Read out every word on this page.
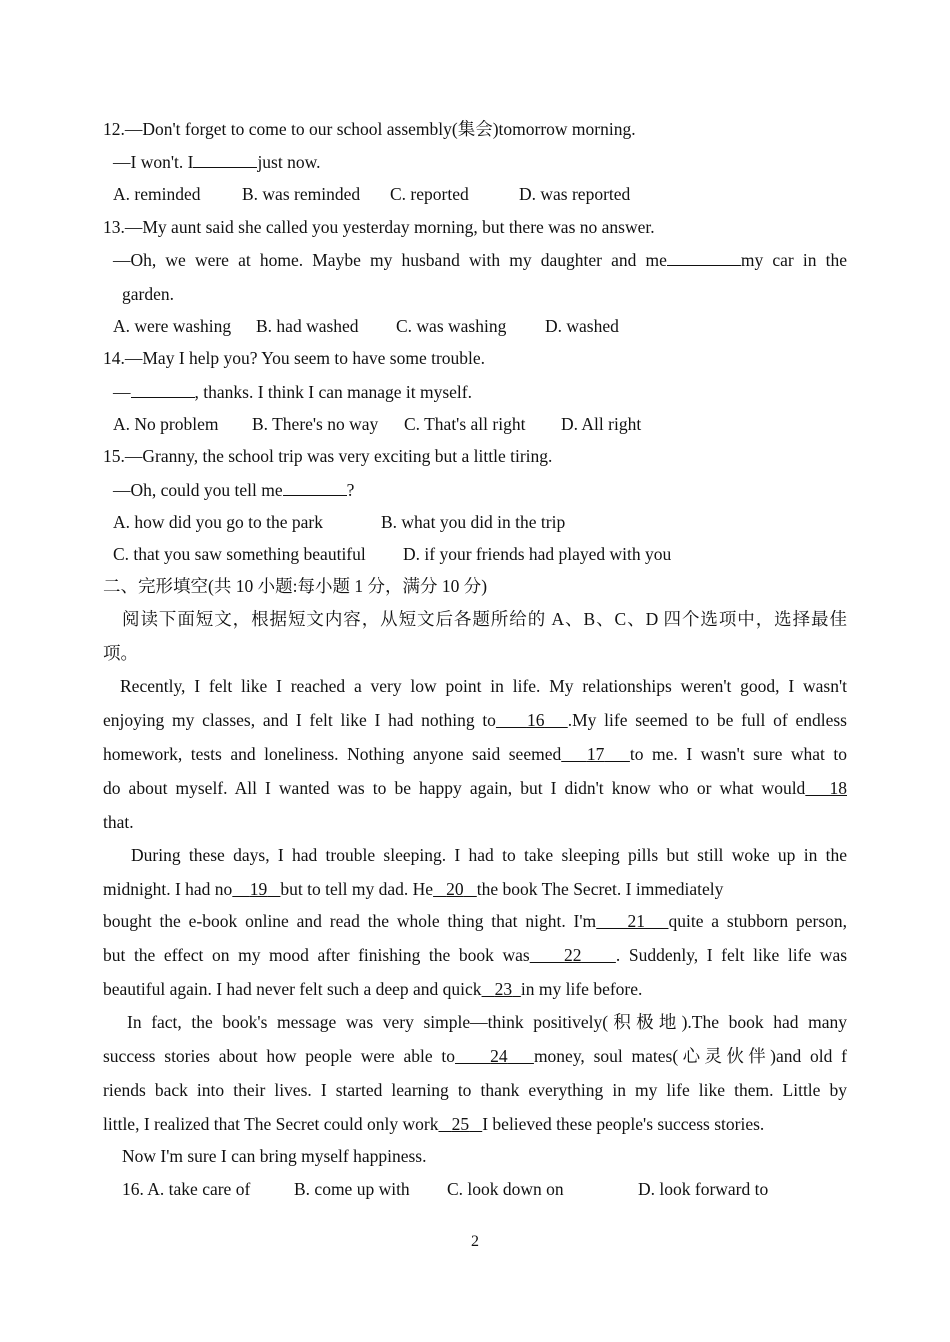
12.—Don't forget to come to our school assembly(集会)tomorrow morning.
—I won't. I	just now.
A. reminded B. was reminded C. reported	D. was reported
13.—My aunt said she called you yesterday morning, but there was no answer.
—Oh, we were at home. Maybe my husband with my daughter and me	my car in the
garden.
A. were washing B. had washed C. was washing D. washed
14.—May I help you? You seem to have some trouble.
—	, thanks. I think I can manage it myself.
A. No problem B. There's no way C. That's all right D. All right
15.—Granny, the school trip was very exciting but a little tiring.
—Oh, could you tell me	?
A. how did you go to the park	B. what you did in the trip
C. that you saw something beautiful D. if your friends had played with you
二、完形填空(共 10 小题:每小题 1 分，满分 10 分)
阅读下面短文，根据短文内容，从短文后各题所给的 A、B、C、D 四个选项中，选择最佳
项。
Recently, I felt like I reached a very low point in life. My relationships weren't good, I wasn't
enjoying my classes, and I felt like I had nothing to 16 .My life seemed to be full of endless
homework, tests and loneliness. Nothing anyone said seemed 17 to me. I wasn't sure what to
do about myself. All I wanted was to be happy again, but I didn't know who or what would 18
that.
During these days, I had trouble sleeping. I had to take sleeping pills but still woke up in the
midnight. I had no 19 but to tell my dad. He 20 the book The Secret. I immediately
bought the e-book online and read the whole thing that night. I'm 21 quite a stubborn person,
but the effect on my mood after finishing the book was 22 . Suddenly, I felt like life was
beautiful again. I had never felt such a deep and quick 23 in my life before.
In fact, the book's message was very simple—think positively(积极地).The book had many
success stories about how people were able to 24 money, soul mates(心灵伙伴)and old f
riends back into their lives. I started learning to thank everything in my life like them. Little by
little, I realized that The Secret could only work 25 I believed these people's success stories.
Now I'm sure I can bring myself happiness.
16. A. take care of B. come up with C. look down on	D. look forward to
2
